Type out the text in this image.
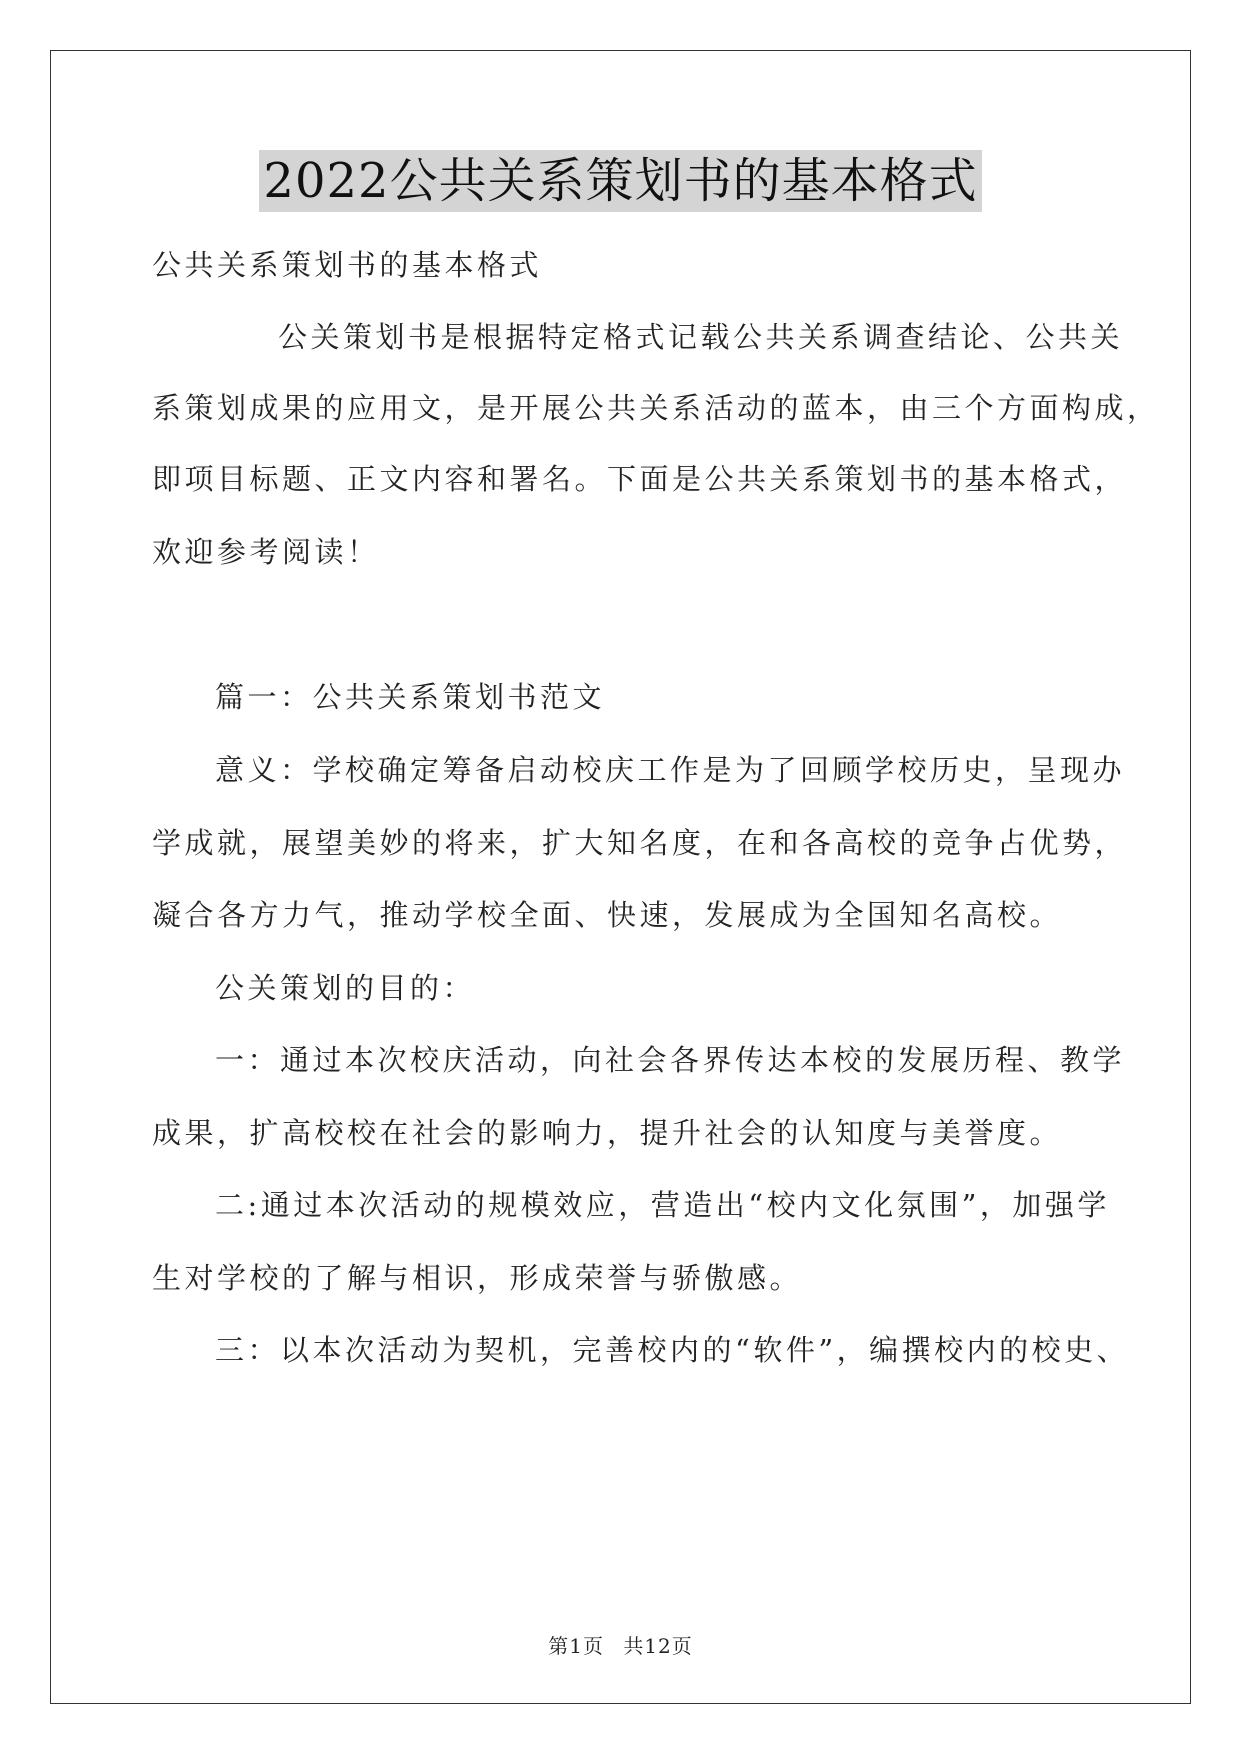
2022公共关系策划书的基本格式

公共关系策划书的基本格式

公关策划书是根据特定格式记载公共关系调查结论、公共关

系策划成果的应用文，是开展公共关系活动的蓝本，由三个方面构成，

即项目标题、正文内容和署名。下面是公共关系策划书的基本格式，

欢迎参考阅读！

篇一：公共关系策划书范文

意义：学校确定筹备启动校庆工作是为了回顾学校历史，呈现办

学成就，展望美妙的将来，扩大知名度，在和各高校的竞争占优势，

凝合各方力气，推动学校全面、快速，发展成为全国知名高校。

公关策划的目的：

一：通过本次校庆活动，向社会各界传达本校的发展历程、教学

成果，扩高校校在社会的影响力，提升社会的认知度与美誉度。

二:通过本次活动的规模效应，营造出“校内文化氛围”，加强学

生对学校的了解与相识，形成荣誉与骄傲感。

三：以本次活动为契机，完善校内的“软件”，编撰校内的校史、

第1页 共12页
